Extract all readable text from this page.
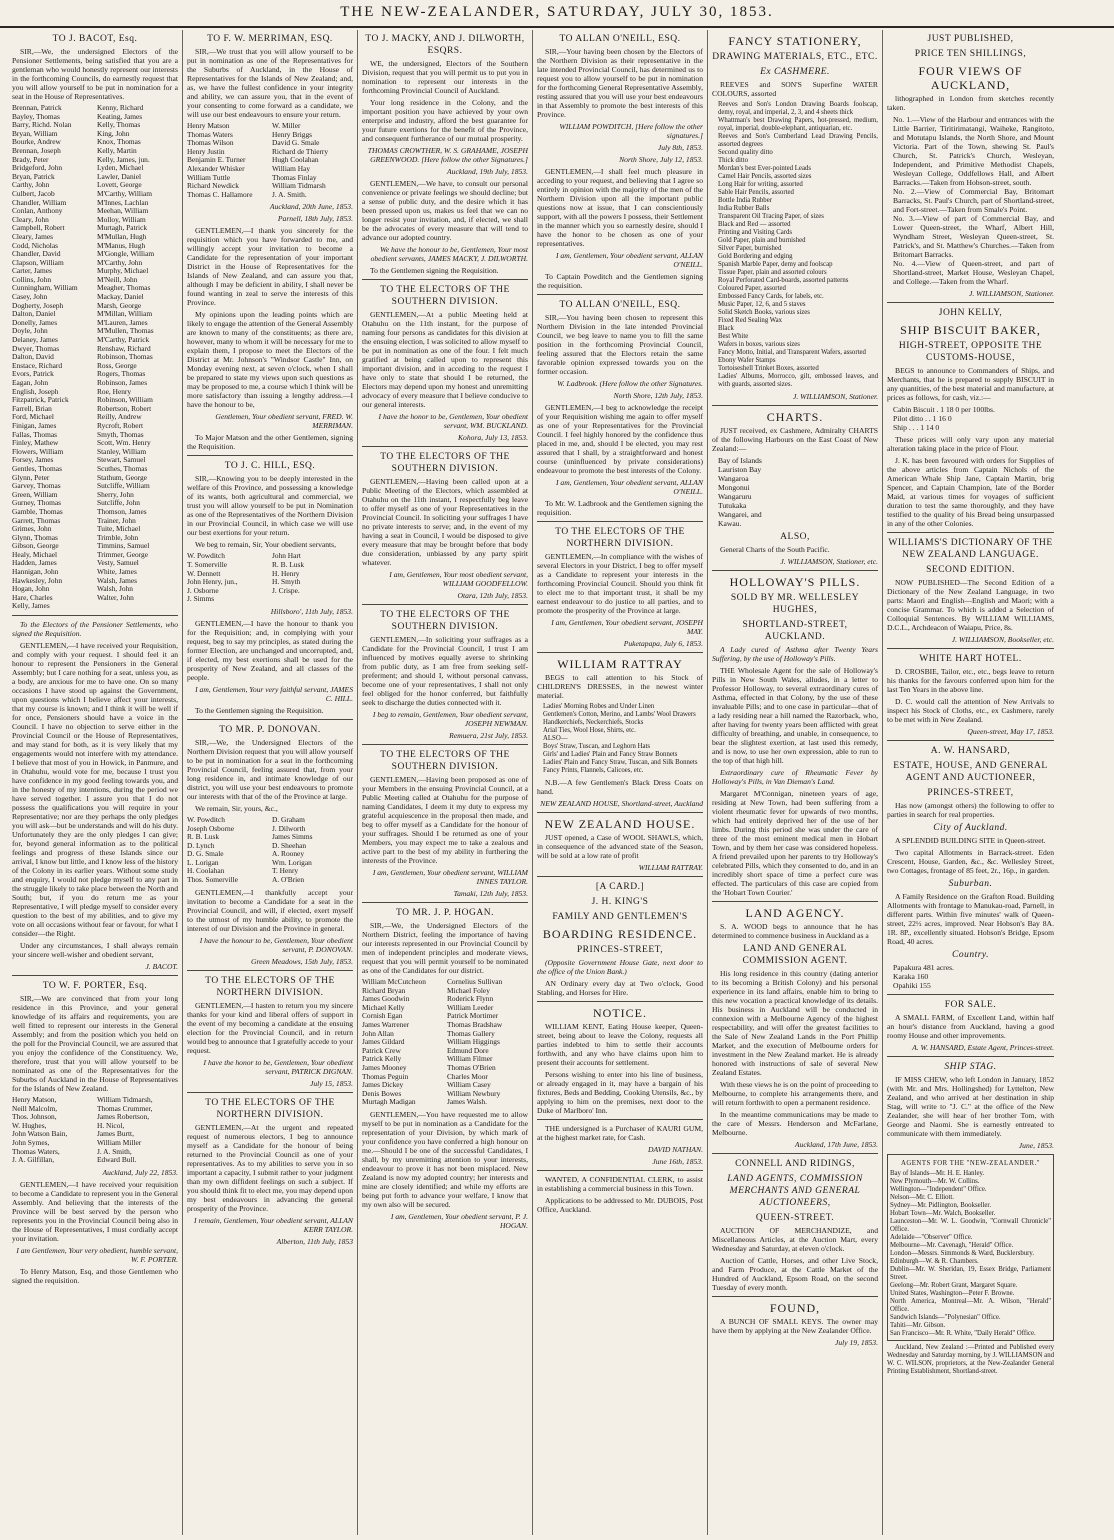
THE NEW-ZEALANDER, SATURDAY, JULY 30, 1853.
TO J. BACOT, Esq.

SIR,—We, the undersigned Electors of the Pensioner Settlements, being satisfied that you are a gentleman who would honestly represent our interests in the forthcoming Councils, do earnestly request that you will allow yourself to be put in nomination for a seat in the House of Representatives.

Brennan, Patrick	Kenny, Richard
Bayley, Thomas	Keating, James
Barry, Richd. Nolan	Kelly, Thomas
Bryan, William	King, John
Bourke, Andrew	Knox, Thomas
Brennan, Joseph	Kelly, Martin
Brady, Peter	Kelly, James, jun.
Bridgeford, John	Lyden, Michael
Bryan, Patrick	Lawler, Daniel
Carthy, John	Lovett, George
Culbert, Jacob	M'Carthy, William
Chandler, William	M'Innes, Lachlan
Conlan, Anthony	Meehan, William
Cleary, John	Molloy, William
Campbell, Robert	Murtagh, Patrick
Cleary, James	M'Mullan, Hugh
Codd, Nicholas	M'Manus, Hugh
Chandler, David	M'Gongle, William
Clapson, William	M'Carthy, John
Carter, James	Murphy, Michael
Collins, John	M'Neill, John
Cunningham, William	Meagher, Thomas
Casey, John	Mackay, Daniel
Dogherty, Joseph	Marsh, George
Dalton, Daniel	M'Millan, William
Donelly, James	M'Lauren, James
Doyle, John	M'Mullen, Thomas
Delaney, James	M'Carthy, Patrick
Dwyer, Thomas	Renshaw, Richard
Dalton, David	Robinson, Thomas
Enstace, Richard	Ross, George
Evors, Patrick	Rogers, Thomas
Eagan, John	Robinson, James
English, Joseph	Roe, Henry
Fitzpatrick, Patrick	Robinson, William
Farrell, Brian	Robertson, Robert
Ford, Michael	Reilly, Andrew
Finigan, James	Rycroft, Robert
Fallas, Thomas	Smyth, Thomas
Finley, Mathew	Scott, Wm. Henry
Flowers, William	Stanley, William
Forsey, James	Stewart, Samuel
Gentles, Thomas	Scuthes, Thomas
Glynn, Peter	Stathum, George
Garvey, Thomas	Sutcliffe, William
Green, William	Sherry, John
Gurney, Thomas	Sutcliffe, John
Gamble, Thomas	Thomson, James
Garrett, Thomas	Trainer, John
Grimes, John	Tuite, Michael
Glynn, Thomas	Trimble, John
Gibson, George	Timmins, Samuel
Healy, Michael	Trimmer, George
Hadden, James	Vesty, Samuel
Hannigan, John	White, James
Hawkesley, John	Walsh, James
Hogan, John	Walsh, John
Hare, Charles	Walter, John
Kelly, James

To the Electors of the Pensioner Settlements, who signed the Requisition.

GENTLEMEN,—I have received your Requisition, and comply with your request. I should feel it an honour to represent the Pensioners in the General Assembly; but I care nothing for a seat, unless you, as a body, are anxious for me to have one. On so many occasions I have stood up against the Government, upon questions which I believe affect your interests, that my course is known; and I think it will be well if for once, Pensioners should have a voice in the Council. I have no objection to serve either in the Provincial Council or the House of Representatives, and may stand for both, as it is very likely that my engagements would not interfere with my attendance. I believe that most of you in Howick, in Panmure, and in Otahuhu, would vote for me, because I trust you have confidence in my good feeling towards you, and in the honesty of my intentions, during the period we have served together. I assure you that I do not possess the qualifications you will require in your Representative; nor are they perhaps the only pledges you will ask—but be understands and will do his duty. Unfortunately they are the only pledges I can give; for, beyond general information as to the political feelings and progress of these Islands since our arrival, I know but little, and I know less of the history of the Colony in its earlier years. Without some study and enquiry, I would not pledge myself to any part in the struggle likely to take place between the North and South; but, if you do return me as your Representative, I will pledge myself to consider every question to the best of my abilities, and to give my vote on all occasions without fear or favour, for what I consider—the Right.

Under any circumstances, I shall always remain your sincere well-wisher and obedient servant,

J. BACOT.
TO W. F. PORTER, Esq.

SIR,—We are convinced that from your long residence in this Province, and your general knowledge of its affairs and requirements, you are well fitted to represent our interests in the General Assembly; and from the position which you held on the poll for the Provincial Council, we are assured that you enjoy the confidence of the Constituency. We, therefore, trust that you will allow yourself to be nominated as one of the Representatives for the Suburbs of Auckland in the House of Representatives for the Islands of New Zealand.

Henry Matson,	William Tidmarsh,
Neill Malcolm,	Thomas Crummer,
Thos. Johnson,	James Robertson,
W. Hughes,	H. Nicol,
John Watson Bain,	James Burtt,
John Symes,	William Miller
Thomas Waters,	J. A. Smith,
J. A. Gilfillan,	Edward Bull.
Auckland, July 22, 1853.

GENTLEMEN,—I have received your requisition to become a Candidate to represent you in the General Assembly. And believing that the interests of the Province will be best served by the person who represents you in the Provincial Council being also in the House of Representatives, I must cordially accept your invitation.

I am Gentlemen, Your very obedient, humble servant, W. F. PORTER.

To Henry Matson, Esq, and those Gentlemen who signed the requisition.

TO F. W. MERRIMAN, ESQ.

SIR,—We trust that you will allow yourself to be put in nomination as one of the Representatives for the Suburbs of Auckland, in the House of Representatives for the Islands of New Zealand; and, as, we have the fullest confidence in your integrity and ability, we can assure you, that in the event of your consenting to come forward as a candidate, we will use our best endeavours to ensure your return.

Henry Matson	W. Miller
Thomas Waters	Henry Briggs
Thomas Wilson	David G. Smale
Henry Justin	Richard de Thierry
Benjamin E. Turner	Hugh Coolahan
Alexander Whisker	William Hay
William Tuttle	Thomas Finlay
Richard Newdick	William Tidmarsh
Thomas C. Hallamore	J. A. Smith.
Auckland, 20th June, 1853.
Parnell, 18th July, 1853.

GENTLEMEN,—I thank you sincerely for the requisition which you have forwarded to me, and willingly accept your invitation to become a Candidate for the representation of your important District in the House of Representatives for the Islands of New Zealand, and can assure you that, although I may be deficient in ability, I shall never be found wanting in zeal to serve the interests of this Province.

My opinions upon the leading points which are likely to engage the attention of the General Assembly are known to many of the constituents; as there are, however, many to whom it will be necessary for me to explain them, I propose to meet the Electors of the District at Mr. Johnson's "Windsor Castle" Inn, on Monday evening next, at seven o'clock, when I shall be prepared to state my views upon such questions as may be proposed to me, a course which I think will be more satisfactory than issuing a lengthy address.—I have the honour to be,

Gentlemen, Your obedient servant, FRED. W. MERRIMAN.

To Major Matson and the other Gentlemen, signing the Requisition.

TO J. C. HILL, ESQ.

SIR,—Knowing you to be deeply interested in the welfare of this Province, and possessing a knowledge of its wants, both agricultural and commercial, we trust you will allow yourself to be put in Nomination as one of the Representatives of the Northern Division in our Provincial Council, in which case we will use our best exertions for your return.

We beg to remain, Sir, Your obedient servants,

W. Powditch	John Hart
T. Somerville	R. B. Lusk
W. Dennett	H. Henry
John Henry, jun.,	H. Smyth
J. Osborne	J. Crispe.
J. Simms
Hillsboro', 11th July, 1853.

GENTLEMEN,—I have the honour to thank you for the Requisition; and, in complying with your request, beg to say my principles, as stated during the former Election, are unchanged and uncorrupted, and, if elected, my best exertions shall be used for the prosperity of New Zealand, and all classes of the people.

I am, Gentlemen, Your very faithful servant, JAMES C. HILL.

To the Gentlemen signing the Requisition.

TO MR. P. DONOVAN.

SIR,—We, the Undersigned Electors of the Northern Division request that you will allow yourself to be put in nomination for a seat in the forthcoming Provincial Council, feeling assured that, from your long residence in, and intimate knowledge of our district, you will use your best endeavours to promote our interests with that of the of the Province at large.

We remain, Sir, yours, &c.,

W. Powditch	D. Graham
Joseph Osborne	J. Dilworth
R. B. Lusk	James Simms
D. Lynch	D. Sheehan
D. G. Smale	A. Rooney
L. Lorigan	Wm. Lorigan
H. Coolahan	T. Henry
Thos. Somerville	A. O'Brien

GENTLEMEN,—I thankfully accept your invitation to become a Candidate for a seat in the Provincial Council, and will, if elected, exert myself to the utmost of my humble ability, to promote the interest of our Division and the Province in general.

I have the honour to be, Gentlemen, Your obedient servant, P. DONOVAN.
Green Meadows, 15th July, 1853.
TO THE ELECTORS OF THE NORTHERN DIVISION.

GENTLEMEN,—I hasten to return you my sincere thanks for your kind and liberal offers of support in the event of my becoming a candidate at the ensuing election for the Provincial Council, and in return would beg to announce that I gratefully accede to your request.

I have the honor to be, Gentlemen, Your obedient servant, PATRICK DIGNAN.
July 15, 1853.
TO THE ELECTORS OF THE NORTHERN DIVISION.

GENTLEMEN,—At the urgent and repeated request of numerous electors, I beg to announce myself as a Candidate for the honour of being returned to the Provincial Council as one of your representatives. As to my abilities to serve you in so important a capacity, I submit rather to your judgment than my own diffident feelings on such a subject. If you should think fit to elect me, you may depend upon my best endeavours in advancing the general prosperity of the Province.

I remain, Gentlemen, Your obedient servant, ALLAN KERR TAYLOR.
Alberton, 11th July, 1853
TO J. MACKY, AND J. DILWORTH, ESQRS.

WE, the undersigned, Electors of the Southern Division, request that you will permit us to put you in nomination to represent our interests in the forthcoming Provincial Council of Auckland.

Your long residence in the Colony, and the important position you have achieved by your own enterprise and industry, afford the best guarantee for your future exertions for the benefit of the Province, and consequent furtherance of our mutual prosperity.

THOMAS CROWTHER, W. S. GRAHAME, JOSEPH GREENWOOD. [Here follow the other Signatures.]
Auckland, 19th July, 1853.

GENTLEMEN,—We have, to consult our personal convenience or private feelings we should decline; but a sense of public duty, and the desire which it has been pressed upon us, makes us feel that we can no longer resist your invitation, and, if elected, we shall be the advocates of every measure that will tend to advance our adopted country.

We have the honour to be, Gentlemen, Your most obedient servants, JAMES MACKY, J. DILWORTH.

To the Gentlemen signing the Requisition.

TO THE ELECTORS OF THE SOUTHERN DIVISION.

GENTLEMEN,—At a public Meeting held at Otahuhu on the 11th instant, for the purpose of naming four persons as candidates for this division at the ensuing election, I was solicited to allow myself to be put in nomination as one of the four. I felt much gratified at being called upon to represent this important division, and in acceding to the request I have only to state that should I be returned, the Electors may depend upon my honest and unremitting advocacy of every measure that I believe conducive to our general interests.

I have the honor to be, Gentlemen, Your obedient servant, WM. BUCKLAND.
Kohora, July 13, 1853.
TO THE ELECTORS OF THE SOUTHERN DIVISION.

GENTLEMEN,—Having been called upon at a Public Meeting of the Electors, which assembled at Otahuhu on the 11th instant, I respectfully beg leave to offer myself as one of your Representatives in the Provincial Council. In soliciting your suffrages I have no private interests to serve; and, in the event of my having a seat in Council, I would be disposed to give every measure that may be brought before that body due consideration, unbiassed by any party spirit whatever.

I am, Gentlemen, Your most obedient servant, WILLIAM GOODFELLOW.
Otara, 12th July, 1853.
TO THE ELECTORS OF THE SOUTHERN DIVISION.

GENTLEMEN,—In soliciting your suffrages as a Candidate for the Provincial Council, I trust I am influenced by motives equally averse to shrinking from public duty, as I am free from seeking self-preferment; and should I, without personal canvass, become one of your representatives, I shall not only feel obliged for the honor conferred, but faithfully seek to discharge the duties connected with it.

I beg to remain, Gentlemen, Your obedient servant, JOSEPH NEWMAN.
Remuera, 21st July, 1853.
TO THE ELECTORS OF THE SOUTHERN DIVISION.

GENTLEMEN,—Having been proposed as one of your Members in the ensuing Provincial Council, at a Public Meeting called at Otahuhu for the purpose of naming Candidates, I deem it my duty to express my grateful acquiescence in the proposal then made, and beg to offer myself as a Candidate for the honour of your suffrages. Should I be returned as one of your Members, you may expect me to take a zealous and active part to the best of my ability in furthering the interests of the Province.

I am, Gentlemen, Your obedient servant, WILLIAM INNES TAYLOR.
Tamaki, 12th July, 1853.
TO MR. J. P. HOGAN.

SIR,—We, the Undersigned Electors of the Northern District, feeling the importance of having our interests represented in our Provincial Council by men of independent principles and moderate views, request that you will permit yourself to be nominated as one of the Candidates for our district.

William McCutcheon	Cornelius Sullivan
Richard Bryan	Michael Foley
James Goodwin	Roderick Flynn
Michael Kelly	William Leeder
Cornish Egan	Patrick Mortimer
James Warrener	Thomas Bradshaw
John Allan	Thomas Gallery
James Gildard	William Higgings
Patrick Crew	Edmund Dore
Patrick Kelly	William Filmer
James Mooney	Thomas O'Brien
Thomas Peguin	Charles Moor
James Dickey	William Casey
Denis Bowes	William Newbury
Murtagh Madigan	James Walsh.

GENTLEMEN,—You have requested me to allow myself to be put in nomination as a Candidate for the representation of your Division, by which mark of your confidence you have conferred a high honour on me.—Should I be one of the successful Candidates, I shall, by my unremitting attention to your interests, endeavour to prove it has not been misplaced. New Zealand is now my adopted country; her interests and mine are closely identified; and while my efforts are being put forth to advance your welfare, I know that my own also will be secured.

I am, Gentlemen, Your obedient servant, P. J. HOGAN.
TO ALLAN O'NEILL, ESQ.

SIR,—Your having been chosen by the Electors of the Northern Division as their representative in the late intended Provincial Council, has determined us to request you to allow yourself to be put in nomination for the forthcoming General Representative Assembly, resting assured that you will use your best endeavours in that Assembly to promote the best interests of this Province.

WILLIAM POWDITCH, [Here follow the other signatures.]
July 8th, 1853.
North Shore, July 12, 1853.

GENTLEMEN,—I shall feel much pleasure in acceding to your request, and believing that I agree so entirely in opinion with the majority of the men of the Northern Division upon all the important public questions now at issue, that I can conscientiously support, with all the powers I possess, their Settlement in the manner which you so earnestly desire, should I have the honor to be chosen as one of your representatives.

I am, Gentlemen, Your obedient servant, ALLAN O'NEILL.

To Captain Powditch and the Gentlemen signing the requisition.

TO ALLAN O'NEILL, ESQ.

SIR,—You having been chosen to represent this Northern Division in the late intended Provincial Council, we beg leave to name you to fill the same position in the forthcoming Provincial Council, feeling assured that the Electors retain the same favorable opinion expressed towards you on the former occasion.

W. Ladbrook. (Here follow the other Signatures.
North Shore, 12th July, 1853.

GENTLEMEN,—I beg to acknowledge the receipt of your Requisition wishing me again to offer myself as one of your Representatives for the Provincial Council. I feel highly honored by the confidence thus placed in me, and, should I be elected, you may rest assured that I shall, by a straightforward and honest course (uninfluenced by private considerations) endeavour to promote the best interests of the Colony.

I am, Gentlemen, Your obedient servant, ALLAN O'NEILL.

To Mr. W. Ladbrook and the Gentlemen signing the requisition.

TO THE ELECTORS OF THE NORTHERN DIVISION.

GENTLEMEN,—In compliance with the wishes of several Electors in your District, I beg to offer myself as a Candidate to represent your interests in the forthcoming Provincial Council. Should you think fit to elect me to that important trust, it shall be my earnest endeavour to do justice to all parties, and to promote the prosperity of the Province at large.

I am, Gentlemen, Your obedient servant, JOSEPH MAY.
Puketapapa, July 6, 1853.
WILLIAM RATTRAY

BEGS to call attention to his Stock of CHILDREN'S DRESSES, in the newest winter material.

Ladies' Morning Robes and Under Linen
Gentlemen's Cotton, Merino, and Lambs' Wool Drawers
Handkerchiefs, Neckerchiefs, Stocks
Arial Ties, Wool Hose, Shirts, etc.
ALSO—
Boys' Straw, Tuscan, and Leghorn Hats
Girls' and Ladies' Plain and Fancy Straw Bonnets
Ladies' Plain and Fancy Straw, Tuscan, and Silk Bonnets
Fancy Prints, Flannels, Calicoes, etc.

N.B.—A few Gentlemen's Black Dress Coats on hand.

NEW ZEALAND HOUSE, Shortland-street, Auckland
NEW ZEALAND HOUSE.

JUST opened, a Case of WOOL SHAWLS, which, in consequence of the advanced state of the Season, will be sold at a low rate of profit

WILLIAM RATTRAY.
[A CARD.]
J. H. KING'S
FAMILY AND GENTLEMEN'S
BOARDING RESIDENCE.
PRINCES-STREET,

(Opposite Government House Gate, next door to the office of the Union Bank.)

AN Ordinary every day at Two o'clock, Good Stabling, and Horses for Hire.

NOTICE.

WILLIAM KENT, Eating House keeper, Queen-street, being about to leave the Colony, requests all parties indebted to him to settle their accounts forthwith, and any who have claims upon him to present their accounts for settlement.

Persons wishing to enter into his line of business, or already engaged in it, may have a bargain of his fixtures, Beds and Bedding, Cooking Utensils, &c., by applying to him on the premises, next door to the Duke of Marlboro' Inn.

THE undersigned is a Purchaser of KAURI GUM, at the highest market rate, for Cash.

DAVID NATHAN.
June 16th, 1853.

WANTED, A CONFIDENTIAL CLERK, to assist in establishing a commercial business in this Town.

Applications to be addressed to Mr. DUBOIS, Post Office, Auckland.

FANCY STATIONERY,
DRAWING MATERIALS, ETC., ETC.
Ex CASHMERE.

REEVES and SON'S Superfine WATER COLOURS, assorted

Reeves and Son's London Drawing Boards foolscap, demy, royal, and imperial, 2, 3, and 4 sheets thick
Whattman's best Drawing Papers, hot-pressed, medium, royal, imperial, double-elephant, antiquarian, etc.
Reeves and Son's Cumberland Lead Drawing Pencils, assorted degrees
Second quality ditto
Thick ditto
Mordan's best Ever-pointed Leads
Camel Hair Pencils, assorted sizes
Long Hair for writing, assorted
Sable Hair Pencils, assorted
Bottle India Rubber
India Rubber Balls
Transparent Oil Tracing Paper, of sizes
Black and Red — assorted
Printing and Visiting Cards
Gold Paper, plain and burnished
Silver Paper, burnished
Gold Bordering and edging
Spanish Marble Paper, demy and foolscap
Tissue Paper, plain and assorted colours
Royal Perforated Card-boards, assorted patterns
Coloured Paper, assorted
Embossed Fancy Cards, for labels, etc.
Music Paper, 12, 6, and 5 staves
Solid Sketch Books, various sizes
Fixed Red Sealing Wax
Black
Best White
Wafers in boxes, various sizes
Fancy Motto, Initial, and Transparent Wafers, assorted
Ebony Wafer Stamps
Tortoiseshell Trinket Boxes, assorted
Ladies' Albums, Morrocco, gilt, embossed leaves, and with guards, assorted sizes.
J. WILLIAMSON, Stationer.
CHARTS.

JUST received, ex Cashmere, Admiralty CHARTS of the following Harbours on the East Coast of New Zealand:—

Bay of Islands
Lauriston Bay
Wangaroa
Mongonui
Wangaruru
Tutukaka
Wangarei, and
Kawau.
ALSO,

General Charts of the South Pacific.

J. WILLIAMSON, Stationer, etc.
HOLLOWAY'S PILLS.
SOLD BY MR. WELLESLEY HUGHES,
SHORTLAND-STREET, AUCKLAND.

A Lady cured of Asthma after Twenty Years Suffering, by the use of Holloway's Pills.

THE Wholesale Agent for the sale of Holloway's Pills in New South Wales, alludes, in a letter to Professor Holloway, to several extraordinary cures of Asthma, effected in that Colony, by the use of these invaluable Pills; and to one case in particular—that of a lady residing near a hill named the Razorback, who, after having for twenty years been afflicted with great difficulty of breathing, and unable, in consequence, to bear the slightest exertion, at last used this remedy, and is now, to use her own expression, able to run to the top of that high hill.

Extraordinary cure of Rheumatic Fever by Holloway's Pills, in Van Dieman's Land.

Margaret M'Connigan, nineteen years of age, residing at New Town, had been suffering from a violent rheumatic fever for upwards of two months, which had entirely deprived her of the use of her limbs. During this period she was under the care of three of the most eminent medical men in Hobart Town, and by them her case was considered hopeless. A friend prevailed upon her parents to try Holloway's celebrated Pills, which they consented to do, and in an incredibly short space of time a perfect cure was effected. The particulars of this case are copied from the 'Hobart Town Courier.'

LAND AGENCY.

S. A. WOOD begs to announce that he has determined to commence business in Auckland as a

LAND AND GENERAL COMMISSION AGENT.

His long residence in this country (dating anterior to its becoming a British Colony) and his personal experience in its land affairs, enable him to bring to this new vocation a practical knowledge of its details. His business in Auckland will be conducted in connexion with a Melbourne Agency of the highest respectability, and will offer the greatest facilities to the Sale of New Zealand Lands in the Port Phillip Market, and the execution of Melbourne orders for investment in the New Zealand market. He is already honored with instructions of sale of several New Zealand Estates.

With these views he is on the point of proceeding to Melbourne, to complete his arrangements there, and will return forthwith to open a permanent residence.

In the meantime communications may be made to the care of Messrs. Henderson and McFarlane, Melbourne.

Auckland, 17th June, 1853.
CONNELL AND RIDINGS,
LAND AGENTS, COMMISSION MERCHANTS AND GENERAL AUCTIONEERS,
QUEEN-STREET.

AUCTION OF MERCHANDIZE, and Miscellaneous Articles, at the Auction Mart, every Wednesday and Saturday, at eleven o'clock.

Auction of Cattle, Horses, and other Live Stock, and Farm Produce, at the Cattle Market of the Hundred of Auckland, Epsom Road, on the second Tuesday of every month.

FOUND,

A BUNCH OF SMALL KEYS. The owner may have them by applying at the New Zealander Office.

July 19, 1853.
JUST PUBLISHED,
PRICE TEN SHILLINGS,
FOUR VIEWS OF AUCKLAND,

lithographed in London from sketches recently taken.

No. 1.—View of the Harbour and entrances with the Little Barrier, Tiritirimatangi, Waiheke, Rangitoto, and Motutapu Islands, the North Shore, and Mount Victoria. Part of the Town, shewing St. Paul's Church, St. Patrick's Church, Wesleyan, Independent, and Primitive Methodist Chapels, Wesleyan College, Oddfellows Hall, and Albert Barracks.—Taken from Hobson-street, south.
No. 2.—View of Commercial Bay, Britomart Barracks, St. Paul's Church, part of Shortland-street, and Fort-street.—Taken from Smale's Point.
No. 3.—View of part of Commercial Bay, and Lower Queen-street, the Wharf, Albert Hill, Wyndham Street, Wesleyan Queen-street, St. Patrick's, and St. Matthew's Churches.—Taken from Britomart Barracks.
No. 4.—View of Queen-street, and part of Shortland-street, Market House, Wesleyan Chapel, and College.—Taken from the Wharf.
J. WILLIAMSON, Stationer.
JOHN KELLY,
SHIP BISCUIT BAKER,
HIGH-STREET, OPPOSITE THE CUSTOMS-HOUSE,

BEGS to announce to Commanders of Ships, and Merchants, that he is prepared to supply BISCUIT in any quantities, of the best material and manufacture, at prices as follows, for cash, viz.:—

Cabin Biscuit . 1 18 0 per 100lbs.
Pilot ditto . . 1 16 0
Ship . . . 1 14 0

These prices will only vary upon any material alteration taking place in the price of Flour.

J. K. has been favoured with orders for Supplies of the above articles from Captain Nichols of the American Whale Ship Jane, Captain Martin, brig Spencer, and Captain Champion, late of the Border Maid, at various times for voyages of sufficient duration to test the same thoroughly, and they have testified to the quality of his Bread being unsurpassed in any of the other Colonies.

WILLIAMS'S DICTIONARY OF THE NEW ZEALAND LANGUAGE.
SECOND EDITION.

NOW PUBLISHED—The Second Edition of a Dictionary of the New Zealand Language, in two parts: Maori and English—English and Maori; with a concise Grammar. To which is added a Selection of Colloquial Sentences. By WILLIAM WILLIAMS, D.C.L., Archdeacon of Waiapu, Price, 8s.

J. WILLIAMSON, Bookseller, etc.
WHITE HART HOTEL.

D. CROSBIE, Tailor, etc., etc., begs leave to return his thanks for the favours conferred upon him for the last Ten Years in the above line.

D. C. would call the attention of New Arrivals to inspect his Stock of Cloths, etc., ex Cashmere, rarely to be met with in New Zealand.

Queen-street, May 17, 1853.
A. W. HANSARD,
ESTATE, HOUSE, AND GENERAL AGENT AND AUCTIONEER,
PRINCES-STREET,

Has now (amongst others) the following to offer to parties in search for real properties.

City of Auckland.

A SPLENDID BUILDING SITE in Queen-street.

Two capital Allotments in Barrack-street. Eden Crescent, House, Garden, &c., &c. Wellesley Street, two Cottages, frontage of 85 feet, 2r., 16p., in garden.

Suburban.

A Family Residence on the Grafton Road. Building Allotments with frontage to Manukau-road, Parnell, in different parts. Within five minutes' walk of Queen-street, 22½ acres, improved. Near Hobson's Bay 8A. 1R. 8P., excellently situated. Hobson's Bridge, Epsom Road, 40 acres.

Country.
Papakura 481 acres.
Karaka 160
Opahiki 155
FOR SALE.

A SMALL FARM, of Excellent Land, within half an hour's distance from Auckland, having a good roomy House and other improvements.

A. W. HANSARD, Estate Agent, Princes-street.
SHIP STAG.

IF MISS CHEW, who left London in January, 1852 (with Mr. and Mrs. Hollingshed) for Lyttelton, New Zealand, and who arrived at her destination in ship Stag, will write to "J. C." at the office of the New Zealander, she will hear of her brother Tom, with George and Naomi. She is earnestly entreated to communicate with them immediately.

June, 1853.
AGENTS FOR THE "NEW-ZEALANDER."
Bay of Islands—Mr. H. E. Hanley.
New Plymouth—Mr. W. Collins.
Wellington—"Independent" Office.
Nelson—Mr. C. Elliott.
Sydney—Mr. Pidlington, Bookseller.
Hobart Town—Mr. Walch, Bookseller.
Launceston—Mr. W. L. Goodwin, "Cornwall Chronicle" Office.
Adelaide—"Observer" Office.
Melbourne—Mr. Cavenagh, "Herald" Office.
London—Messrs. Simmonds & Ward, Bucklersbury.
Edinburgh—W. & R. Chambers.
Dublin—Mr. W. Sheridan, 19, Essex Bridge, Parliament Street.
Geelong—Mr. Robert Grant, Margaret Square.
United States, Washington—Peter F. Browne.
North America, Montreal—Mr. A. Wilson, "Herald" Office.
Sandwich Islands—"Polynesian" Office.
Tahiti—Mr. Gibson.
San Francisco—Mr. R. White, "Daily Herald" Office.

Auckland, New Zealand :—Printed and Published every Wednesday and Saturday morning, by J. WILLIAMSON and W. C. WILSON, proprietors, at the New-Zealander General Printing Establishment, Shortland-street.
